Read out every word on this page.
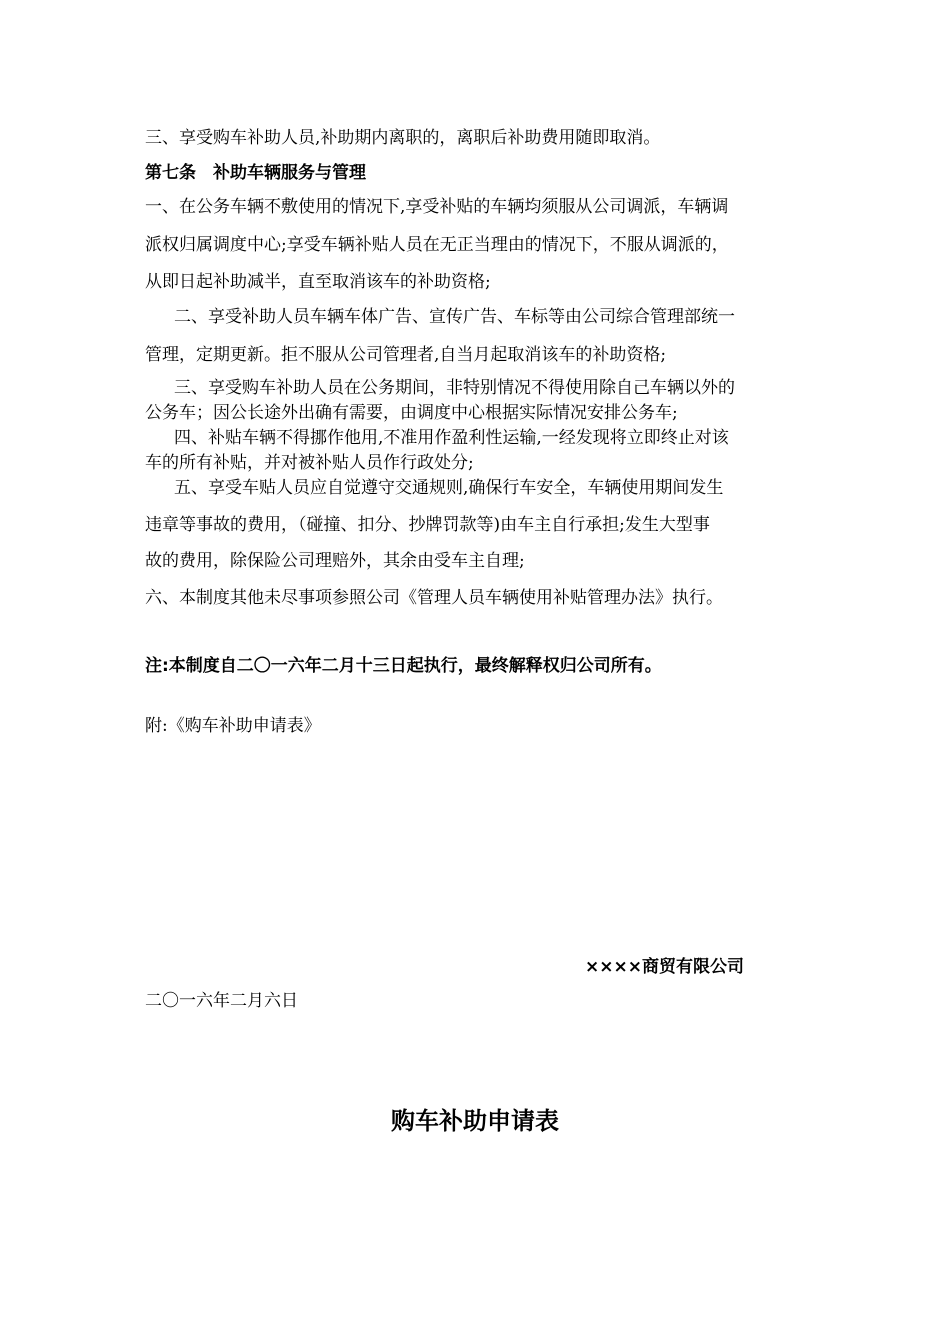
三、享受购车补助人员,补助期内离职的，离职后补助费用随即取消。
第七条　补助车辆服务与管理
一、在公务车辆不敷使用的情况下,享受补贴的车辆均须服从公司调派，车辆调
派权归属调度中心;享受车辆补贴人员在无正当理由的情况下，不服从调派的，
从即日起补助减半，直至取消该车的补助资格;
二、享受补助人员车辆车体广告、宣传广告、车标等由公司综合管理部统一
管理，定期更新。拒不服从公司管理者,自当月起取消该车的补助资格;
三、享受购车补助人员在公务期间，非特别情况不得使用除自己车辆以外的
公务车；因公长途外出确有需要，由调度中心根据实际情况安排公务车;
四、补贴车辆不得挪作他用,不准用作盈利性运输,一经发现将立即终止对该
车的所有补贴，并对被补贴人员作行政处分;
五、享受车贴人员应自觉遵守交通规则,确保行车安全，车辆使用期间发生
违章等事故的费用，（碰撞、扣分、抄牌罚款等)由车主自行承担;发生大型事
故的费用，除保险公司理赔外，其余由受车主自理;
六、本制度其他未尽事项参照公司《管理人员车辆使用补贴管理办法》执行。
注:本制度自二〇一六年二月十三日起执行，最终解释权归公司所有。
附:《购车补助申请表》
××××商贸有限公司
二〇一六年二月六日
购车补助申请表
